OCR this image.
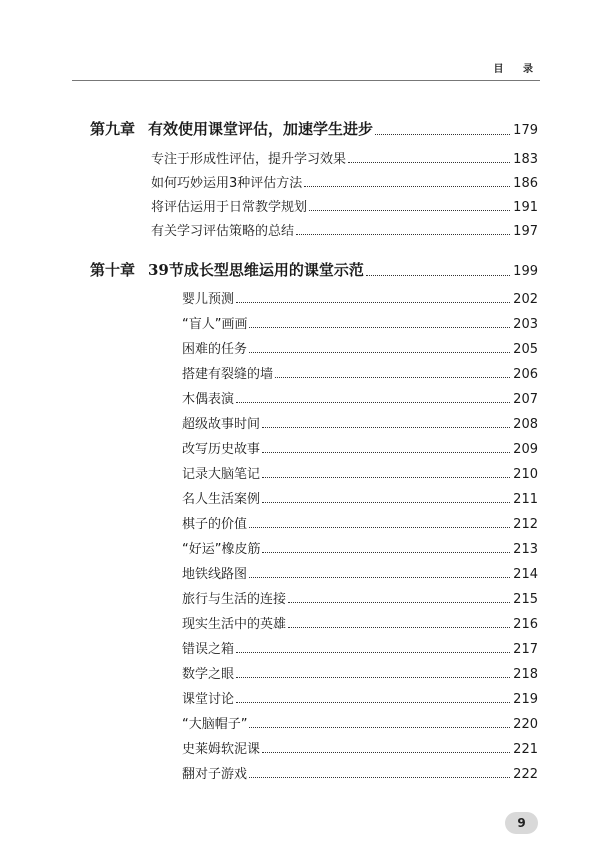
目 录
第九章 有效使用课堂评估，加速学生进步	179
专注于形成性评估，提升学习效果	183
如何巧妙运用3种评估方法	186
将评估运用于日常教学规划	191
有关学习评估策略的总结	197
第十章 39节成长型思维运用的课堂示范	199
婴儿预测	202
“盲人”画画	203
困难的任务	205
搭建有裂缝的墙	206
木偶表演	207
超级故事时间	208
改写历史故事	209
记录大脑笔记	210
名人生活案例	211
棋子的价值	212
“好运”橡皮筋	213
地铁线路图	214
旅行与生活的连接	215
现实生活中的英雄	216
错误之箱	217
数学之眼	218
课堂讨论	219
“大脑帽子”	220
史莱姆软泥课	221
翻对子游戏	222
9
